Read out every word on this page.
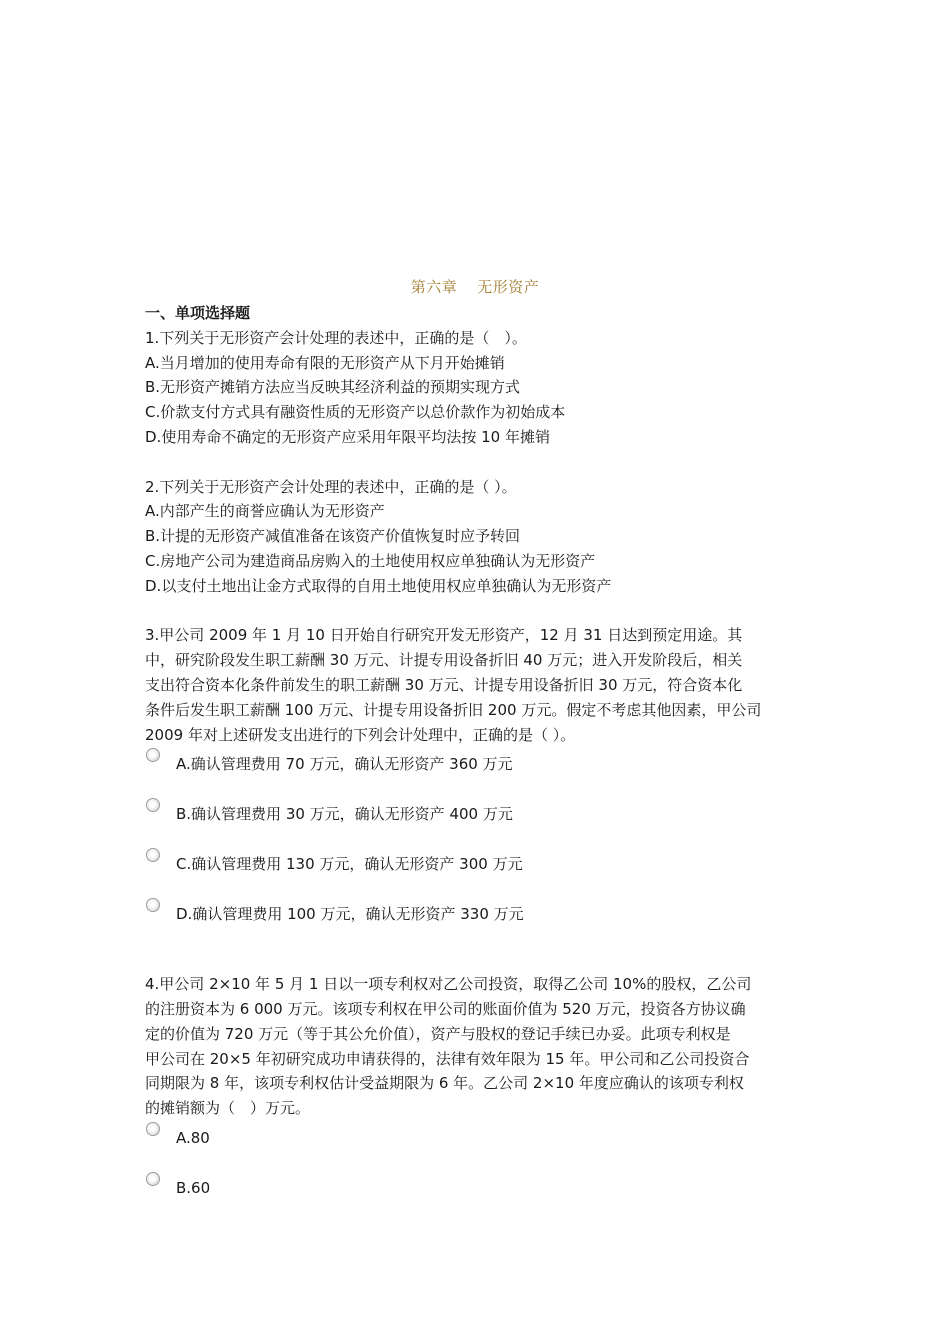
第六章 无形资产

一、单项选择题

1.下列关于无形资产会计处理的表述中，正确的是（　）。

A.当月增加的使用寿命有限的无形资产从下月开始摊销

B.无形资产摊销方法应当反映其经济利益的预期实现方式

C.价款支付方式具有融资性质的无形资产以总价款作为初始成本

D.使用寿命不确定的无形资产应采用年限平均法按 10 年摊销

2.下列关于无形资产会计处理的表述中，正确的是（ ）。

A.内部产生的商誉应确认为无形资产

B.计提的无形资产减值准备在该资产价值恢复时应予转回

C.房地产公司为建造商品房购入的土地使用权应单独确认为无形资产

D.以支付土地出让金方式取得的自用土地使用权应单独确认为无形资产

3.甲公司 2009 年 1 月 10 日开始自行研究开发无形资产，12 月 31 日达到预定用途。其

中，研究阶段发生职工薪酬 30 万元、计提专用设备折旧 40 万元；进入开发阶段后，相关

支出符合资本化条件前发生的职工薪酬 30 万元、计提专用设备折旧 30 万元，符合资本化

条件后发生职工薪酬 100 万元、计提专用设备折旧 200 万元。假定不考虑其他因素，甲公司

2009 年对上述研发支出进行的下列会计处理中，正确的是（ ）。

A.确认管理费用 70 万元，确认无形资产 360 万元
B.确认管理费用 30 万元，确认无形资产 400 万元
C.确认管理费用 130 万元，确认无形资产 300 万元
D.确认管理费用 100 万元，确认无形资产 330 万元

4.甲公司 2×10 年 5 月 1 日以一项专利权对乙公司投资，取得乙公司 10%的股权，乙公司

的注册资本为 6 000 万元。该项专利权在甲公司的账面价值为 520 万元，投资各方协议确

定的价值为 720 万元（等于其公允价值），资产与股权的登记手续已办妥。此项专利权是

甲公司在 20×5 年初研究成功申请获得的，法律有效年限为 15 年。甲公司和乙公司投资合

同期限为 8 年，该项专利权估计受益期限为 6 年。乙公司 2×10 年度应确认的该项专利权

的摊销额为（　）万元。

A.80
B.60
